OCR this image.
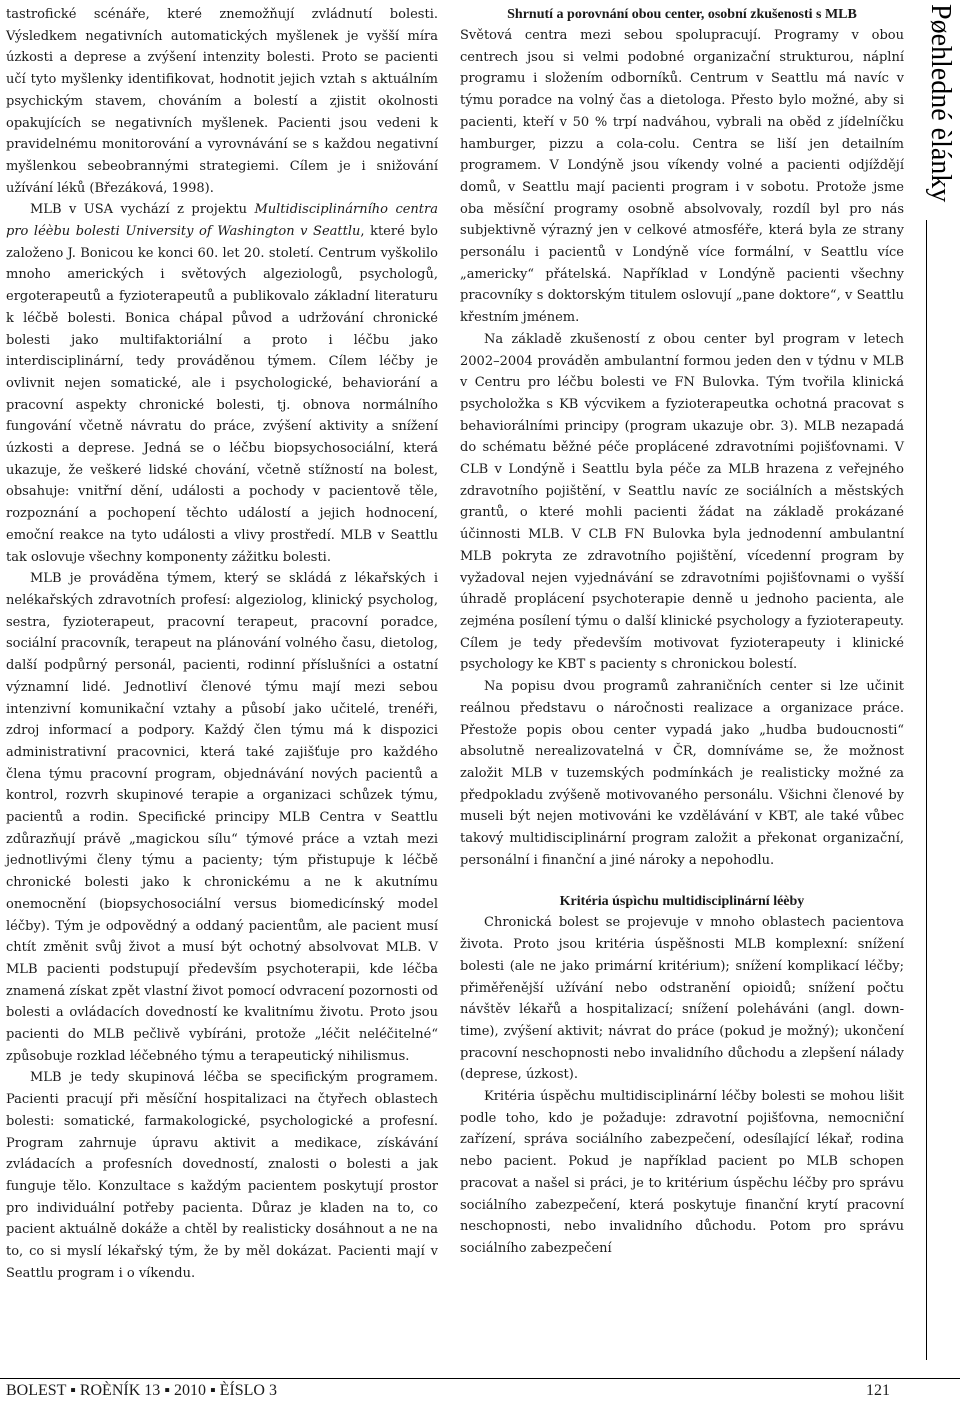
tastrofické scénáře, které znemožňují zvládnutí bolesti. Výsledkem negativních automatických myšlenek je vyšší míra úzkosti a deprese a zvýšení intenzity bolesti. Proto se pacienti učí tyto myšlenky identifikovat, hodnotit jejich vztah s aktuálním psychickým stavem, chováním a bolestí a zjistit okolnosti opakujících se negativních myšlenek. Pacienti jsou vedeni k pravidelnému monitorování a vyrovnávání se s každou negativní myšlenkou sebeobrannými strategiemi. Cílem je i snižování užívání léků (Březáková, 1998).

MLB v USA vychází z projektu Multidisciplinárního centra pro léèbu bolesti University of Washington v Seattlu, které bylo založeno J. Bonicou ke konci 60. let 20. století. Centrum vyškolilo mnoho amerických i světových algeziologů, psychologů, ergoterapeutů a fyzioterapeutů a publikovalo základní literaturu k léčbě bolesti. Bonica chápal původ a udržování chronické bolesti jako multifaktoriální a proto i léčbu jako interdisciplinární, tedy prováděnou týmem. Cílem léčby je ovlivnit nejen somatické, ale i psychologické, behaviorání a pracovní aspekty chronické bolesti, tj. obnova normálního fungování včetně návratu do práce, zvýšení aktivity a snížení úzkosti a deprese. Jedná se o léčbu biopsychosociální, která ukazuje, že veškeré lidské chování, včetně stížností na bolest, obsahuje: vnitřní dění, události a pochody v pacientově těle, rozpoznání a pochopení těchto událostí a jejich hodnocení, emoční reakce na tyto události a vlivy prostředí. MLB v Seattlu tak oslovuje všechny komponenty zážitku bolesti.

MLB je prováděna týmem, který se skládá z lékařských i nelékařských zdravotních profesí: algeziolog, klinický psycholog, sestra, fyzioterapeut, pracovní terapeut, pracovní poradce, sociální pracovník, terapeut na plánování volného času, dietolog, další podpůrný personál, pacienti, rodinní příslušníci a ostatní významní lidé. Jednotliví členové týmu mají mezi sebou intenzivní komunikační vztahy a působí jako učitelé, trenéři, zdroj informací a podpory. Každý člen týmu má k dispozici administrativní pracovnici, která také zajišťuje pro každého člena týmu pracovní program, objednávání nových pacientů a kontrol, rozvrh skupinové terapie a organizaci schůzek týmu, pacientů a rodin. Specifické principy MLB Centra v Seattlu zdůrazňují právě „magickou sílu“ týmové práce a vztah mezi jednotlivými členy týmu a pacienty; tým přistupuje k léčbě chronické bolesti jako k chronickému a ne k akutnímu onemocnění (biopsychosociální versus biomedicínský model léčby). Tým je odpovědný a oddaný pacientům, ale pacient musí chtít změnit svůj život a musí být ochotný absolvovat MLB. V MLB pacienti podstupují především psychoterapii, kde léčba znamená získat zpět vlastní život pomocí odvracení pozornosti od bolesti a ovládacích dovedností ke kvalitnímu životu. Proto jsou pacienti do MLB pečlivě vybíráni, protože „léčit neléčitelné“ způsobuje rozklad léčebného týmu a terapeutický nihilismus.

MLB je tedy skupinová léčba se specifickým programem. Pacienti pracují při měsíční hospitalizaci na čtyřech oblastech bolesti: somatické, farmakologické, psychologické a profesní. Program zahrnuje úpravu aktivit a medikace, získávání zvládacích a profesních dovedností, znalosti o bolesti a jak funguje tělo. Konzultace s každým pacientem poskytují prostor pro individuální potřeby pacienta. Důraz je kladen na to, co pacient aktuálně dokáže a chtěl by realisticky dosáhnout a ne na to, co si myslí lékařský tým, že by měl dokázat. Pacienti mají v Seattlu program i o víkendu.

Shrnutí a porovnání obou center, osobní zkušenosti s MLB

Světová centra mezi sebou spolupracují. Programy v obou centrech jsou si velmi podobné organizační strukturou, náplní programu i složením odborníků. Centrum v Seattlu má navíc v týmu poradce na volný čas a dietologa. Přesto bylo možné, aby si pacienti, kteří v 50 % trpí nadváhou, vybrali na oběd z jídelníčku hamburger, pizzu a cola-colu. Centra se liší jen detailním programem. V Londýně jsou víkendy volné a pacienti odjíždějí domů, v Seattlu mají pacienti program i v sobotu. Protože jsme oba měsíční programy osobně absolvovaly, rozdíl byl pro nás subjektivně výrazný jen v celkové atmosféře, která byla ze strany personálu i pacientů v Londýně více formální, v Seattlu více „americky“ přátelská. Například v Londýně pacienti všechny pracovníky s doktorským titulem oslovují „pane doktore“, v Seattlu křestním jménem.

Na základě zkušeností z obou center byl program v letech 2002–2004 prováděn ambulantní formou jeden den v týdnu v MLB v Centru pro léčbu bolesti ve FN Bulovka. Tým tvořila klinická psycholožka s KB výcvikem a fyzioterapeutka ochotná pracovat s behaviorálními principy (program ukazuje obr. 3). MLB nezapadá do schématu běžné péče proplácené zdravotními pojišťovnami. V CLB v Londýně i Seattlu byla péče za MLB hrazena z veřejného zdravotního pojištění, v Seattlu navíc ze sociálních a městských grantů, o které mohli pacienti žádat na základě prokázané účinnosti MLB. V CLB FN Bulovka byla jednodenní ambulantní MLB pokryta ze zdravotního pojištění, vícedenní program by vyžadoval nejen vyjednávání se zdravotními pojišťovnami o vyšší úhradě proplácení psychoterapie denně u jednoho pacienta, ale zejména posílení týmu o další klinické psychology a fyzioterapeuty. Cílem je tedy především motivovat fyzioterapeuty i klinické psychology ke KBT s pacienty s chronickou bolestí.

Na popisu dvou programů zahraničních center si lze učinit reálnou představu o náročnosti realizace a organizace práce. Přestože popis obou center vypadá jako „hudba budoucnosti“ absolutně nerealizovatelná v ČR, domníváme se, že možnost založit MLB v tuzemských podmínkách je realisticky možné za předpokladu zvýšeně motivovaného personálu. Všichni členové by museli být nejen motivováni ke vzdělávání v KBT, ale také vůbec takový multidisciplinární program založit a překonat organizační, personální i finanční a jiné nároky a nepohodlu.

Kritéria úspìchu multidisciplinární léèby

Chronická bolest se projevuje v mnoho oblastech pacientova života. Proto jsou kritéria úspěšnosti MLB komplexní: snížení bolesti (ale ne jako primární kritérium); snížení komplikací léčby; přiměřenější užívání nebo odstranění opioidů; snížení počtu návštěv lékařů a hospitalizací; snížení poleháváni (angl. down-time), zvýšení aktivit; návrat do práce (pokud je možný); ukončení pracovní neschopnosti nebo invalidního důchodu a zlepšení nálady (deprese, úzkost).

Kritéria úspěchu multidisciplinární léčby bolesti se mohou lišit podle toho, kdo je požaduje: zdravotní pojišťovna, nemocniční zařízení, správa sociálního zabezpečení, odesílající lékař, rodina nebo pacient. Pokud je například pacient po MLB schopen pracovat a našel si práci, je to kritérium úspěchu léčby pro správu sociálního zabezpečení, která poskytuje finanční krytí pracovní neschopnosti, nebo invalidního důchodu. Potom pro správu sociálního zabezpečení

Pøehledné èlánky
BOLEST ▪ ROÈNÍK 13 ▪ 2010 ▪ ÈÍSLO 3	121
